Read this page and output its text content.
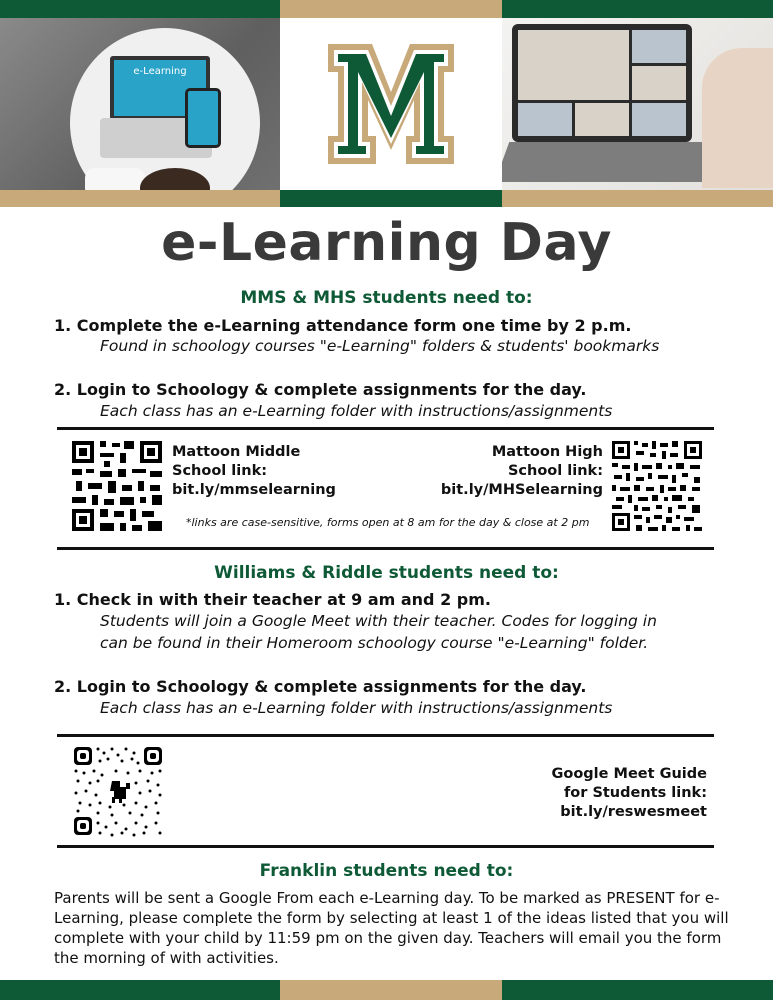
e-Learning
e-Learning Day
MMS & MHS students need to:
1. Complete the e-Learning attendance form one time by 2 p.m.
Found in schoology courses "e-Learning" folders & students' bookmarks
2. Login to Schoology & complete assignments for the day.
Each class has an e-Learning folder with instructions/assignments
Mattoon Middle
School link:
bit.ly/mmselearning
Mattoon High
School link:
bit.ly/MHSelearning
*links are case-sensitive, forms open at 8 am for the day & close at 2 pm
Williams & Riddle students need to:
1. Check in with their teacher at 9 am and 2 pm.
Students will join a Google Meet with their teacher. Codes for logging in
can be found in their Homeroom schoology course "e-Learning" folder.
2. Login to Schoology & complete assignments for the day.
Each class has an e-Learning folder with instructions/assignments
Google Meet Guide
for Students link:
bit.ly/reswesmeet
Franklin students need to:
Parents will be sent a Google From each e-Learning day. To be marked as PRESENT for e-Learning, please complete the form by selecting at least 1 of the ideas listed that you will complete with your child by 11:59 pm on the given day. Teachers will email you the form the morning of with activities.
